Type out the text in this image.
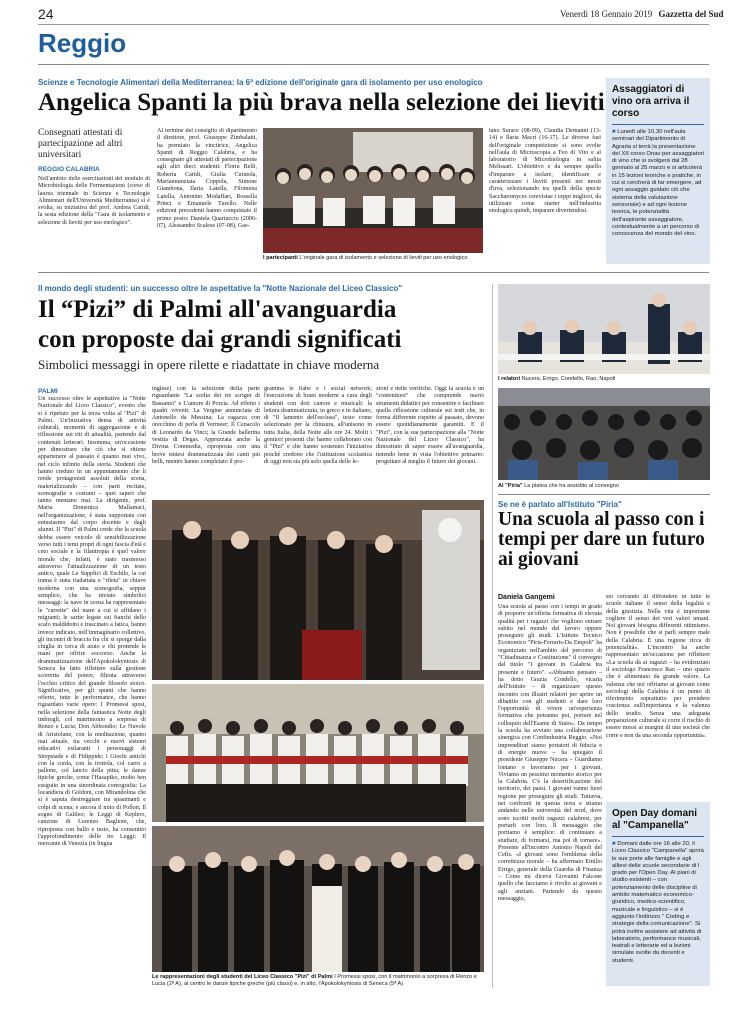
24	Venerdì 18 Gennaio 2019 Gazzetta del Sud
Reggio
Scienze e Tecnologie Alimentari della Mediterranea: la 6ª edizione dell'originale gara di isolamento per uso enologico
Angelica Spanti la più brava nella selezione dei lieviti
Consegnati attestati di partecipazione ad altri universitari
REGGIO CALABRIA
Nell'ambito delle esercitazioni del modulo di Microbiologia delle Fermentazioni (corso di laurea triennale in Scienze e Tecnologie Alimentari dell'Università Mediterranea) si è svolta, su iniziativa del prof. Andrea Caridi, la sesta edizione della "Gara di isolamento e selezione di lieviti per uso enologico".
Al termine del consiglio di dipartimento il direttore, prof. Giuseppe Zimbalatti, ha premiato la vincitrice, Angelica Spanti di Reggio Calabria, e ha consegnato gli attestati di partecipazione agli altri dieci studenti: Florin Belli, Roberta Caridi, Giulia Curatola, Mariannunziata Coppola, Simone Giambona, Ilaria Latella, Filomena Latella, Antonino Modaffari, Rossella Princi e Emanuele Turello. Nelle edizioni precedenti hanno conquistato il primo posto: Daniela Quartuccio (2006-07), Alessandro Scalese (07-08), Gae-
I partecipanti L'originale gara di isolamento e selezione di lieviti per uso enologico
tano Surace (08-09), Claudia Demanni (13-14) e Ilaria Macrì (16-17). Le diverse fasi dell'originale competizione si sono svolte nell'aula di Microscopia a Feo di Vito e al laboratorio di Microbiologia in salita Melissari. L'obiettivo e da sempre quello d'imparare a isolare, identificare e caratterizzare i lieviti presenti nei mosti d'uva, selezionando tra quelli della specie Saccharomyces cerevisiae i ceppi migliori, da utilizzare come starter nell'industria enologica quindi, imparare divertendosi.
Assaggiatori di vino ora arriva il corso
■ Lunedì alle 10.30 nell'aula seminari del Dipartimento di Agraria si terrà la presentazione del XII corso Onav per assaggiatori di vino che si svolgerà dal 28 gennaio al 25 marzo e si articolerà in 15 lezioni teoriche e pratiche, in cui si cercherà di far emergere, ad ogni assaggio guidato ciò che sistema della valutazione sensoriale) e ad ogni lezione teorica, le potenzialità dell'aspirante assaggiatore, contestualmente a un percorso di conoscenza del mondo del vino.
Il mondo degli studenti: un successo oltre le aspettative la "Notte Nazionale del Liceo Classico"
Il “Pizi” di Palmi all'avanguardia
con proposte dai grandi significati
Simbolici messaggi in opere rilette e riadattate in chiave moderna
PALMI
Un successo oltre le aspettative la "Notte Nazionale del Liceo Classico", evento che si è ripetuto per la terza volta al "Pizi" di Palmi. Un'iniziativa densa di attività culturali, momenti di aggregazione e di riflessione sui riti di attualità, partendo dal contenuti letterari. Insomma, un'occasione per dimostrare che ciò che si ritiene appartenere al passato è quanto mai vivo, nel ciclo infinito della storia. Studenti che hanno creduto in un appuntamento che li rende protagonisti assoluti della scena, materializzando – con parti recitate, scenografie e costumi – quei saperi che tanno mentano mai. La dirigente, prof. Maria Domenica Mallamaci, nell'organizzazione, è stata supportata con entusiasmo dal corpo docente e dagli alunni. Il "Pizi" di Palmi crede che la scuola debba essere veicolo di sensibilizzazione verso tutti i temi propri di ogni fascia d'età e ceto sociale e la filantropia è quel valore morale che, infatti, è stato trasmesso attraverso l'attualizzazione di un testo antico, quale Le Supplici di Eschilo, la cui trama è stata riadattata e "rileta" in chiave moderna con una scenografia, seppur semplice, che ha inviato simbolici messaggi: la nave in scena ha rappresentato le "carrette" del mare a cui si affidano i migranti; le sartie legate sui fianchi dello scafo maldidotto e trascinato a fatica, hanno invece indicato, nell'immaginario collettivo, gli incontri di braccia fra chi si sporge dalla chiglia in cerca di aiuto e chi protende le mani per offrire soccorso. Anche la drammatizzazione dell'Apokolokyntosis di Seneca ha fatto riflettere sulla gestione scorretta del potere, filtrata attraverso l'occhio critico del grande filosofo stoico. Significative, per gli spunti che hanno offerto, tutte le performance, che hanno riguardato varie opere: I Promessi sposi, nella selezione della fantastica Notte degli imbrogli, col matrimonio a sorpresa di Renzo e Lucia; Don Abbondio; Le Nuvole di Aristofane, con la meditazione, quanto mai attuale, tra vecchi e nuovi sistemi educativi esilaranti i personaggi di Strepsiade e di Fidippide; i Giochi antichi con la corda, con la trottola, col carro a pallone, col lancio della pitta; le danze tipiche greche, come l'Hasapiko, molto ben eseguito in una sinordinata coreografia: La locandiera di Goldoni, con Mirandolina che si è saputa destreggiare tra spasimanti e colpi di scena; e ancora il mito di Pollon; Il sogno di Galileo; le Leggi di Keplero, canzone di Lorenzo Baglioni, che, riproposta con ballo e testo, ha consentito l'approfondimento delle tre Leggi; Il mercante di Venezia (in lingua
inglese) con la selezione della parte riguardante "La scelta dei tre scrigni di Bassanio" e L'amore di Porzia. Ad effetto i quadri viventi: La Vergine annunciata di Antonello da Messina; La ragazza con orecchino di perla di Vermeer; Il Cenacolo di Leonardo da Vinci; la Grande ballerina vestita di Degas. Apprezzata anche la Divina Commedia, riproposta con una breve sintesi drammatizzata dei canti più belli, mentre hanno completato il pro-
gramma le fiabe e i social network; l'esecuzione di brani moderni a cura degli studenti con doti canore e musicali: la lettura drammatizzata, in greco e in italiano, di "Il lamento dell'esclusa", testo come selezionato per la chiusura, all'unisono in tutta Italia, della Notte alle ore 24. Molti i genitori presenti che hanno collaborato con il "Pizi" e che hanno sostenuto l'iniziativa poiché credono che l'istituzione scolastica di oggi non sia più solo quella delle le-
zioni e delle verifiche. Oggi la scuola è un "contenitore" che comprende nuovi strumenti didattici per consentire e facilitare quella riflessione culturale sui testi che, in forma differente rispetto al passato, devono essere quotidianamente garantiti. E il "Pizi", con la sua partecipazione alla "Notte Nazionale del Liceo Classico", ha dimostrato di saper essere all'avanguardia, tenendo bene in vista l'obiettivo primario: progettare al meglio il futuro dei giovani.
Le rappresentazioni degli studenti del Liceo Classico "Pizi" di Palmi I Promessi sposi, con il matrimonio a sorpresa di Renzo e Lucia (2ª A), al centro le danze tipiche greche (più classi) e, in alto, l'Apokolokyntosis di Seneca (5ª A)
I relatori Nucera, Errigo, Condello, Rao, Napoli
Al "Piria" La platea che ha assistito al convegno
Se ne è parlato all'Istituto "Piria"
Una scuola al passo con i tempi per dare un futuro ai giovani
Daniela Gangemi
Una scuola al passo con i tempi in grado di proporre un'offerta formativa di elevata qualità per i ragazzi che vogliono entrare subito nel mondo del lavoro oppure proseguire gli studi. L'Istituto Tecnico Economico "Piria-Ferraris-Da Empoli" ha organizzato nell'ambito del percorso di "Cittadinanza e Costituzione" il convegno dal titolo "I giovani in Calabria tra presente e futuro". «Abbiamo pensato – ha detto Grazia Condello, vicaria dell'Istituto – di organizzare questo incontro con illustri relatori per aprire un dibattito con gli studenti e dare loro l'opportunità di vivere un'esperienza formativa che potranno poi, portare nel colloquio dell'Esame di Stato». Da tempo la scuola ha avviato una collaborazione sinergica con Confindustria Reggio. «Noi imprenditori siamo portatori di fiducia e di energie nuove – ha spiegato il presidente Giuseppe Nucera – Guardiamo lontano e lavoriamo per i giovani. Viviamo un pessimo momento storico per la Calabria. C'è la desertificazione del territorio, dei paesi. I giovani vanno fuori regione per proseguire gli studi. Tuttavia, nei confronti in questa terra e stiamo andando nelle università del nord, dove sono iscritti molti ragazzi calabresi, per portarli con loro. Il messaggio che portiamo è semplice: di continuare a studiare, di formarsi, ma poi di tornare». Presente all'incontro Antonio Napoli del Cefis. «I giovani sono l'emblema della correttezza morale – ha affermato Emilio Errigo, generale della Guardia di Finanza – Come mi diceva Giovanni Falcone quello che facciamo è rivolto ai giovani e agli anziani. Partendo da questo messaggio,
sto cercando di diffondere in tutte le scuole italiane il senso della legalità e della giustizia. Nella vita è importante cogliere il senso dei veri valori umani. Noi giovani bisogna differenti ottimismo. Non è possibile che si parli sempre male della Calabria. È una regione ricca di potenzialità». L'incontro ha anche rappresentato un'occasione per riflettere «La scuola dà ai ragazzi – ha evidenziato il sociologo Francesco Rao – uno spazio che è alimentato da grande valore. La valenza che noi offriamo ai giovani come sociologi della Calabria è un punto di riferimento soprattutto per prendere coscienza sull'importanza e la valenza dello studio. Senza una adeguata preparazione culturale si corre il rischio di essere messi ai margini di una società che corre e non da una seconda opportunità».
Open Day domani al "Campanella"
■ Domani dalle ore 16 alle 20, il Liceo Classico "Campanella" aprirà le sue porte alle famiglie e agli allievi delle scuole secondarie di I grado per l'Open Day. Ai piani di studio esistenti – con potenziamento delle discipline di ambito matematico economico-giuridico, medico-scientifico, musicale e linguistico – si è aggiunto l'indirizzo " Coding e strategie della comunicazione". Si potrà inoltre assistere ad attività di laboratorio, performance musicali, teatrali e letterarie ed a lezioni simulate svolte da docenti e studenti.
